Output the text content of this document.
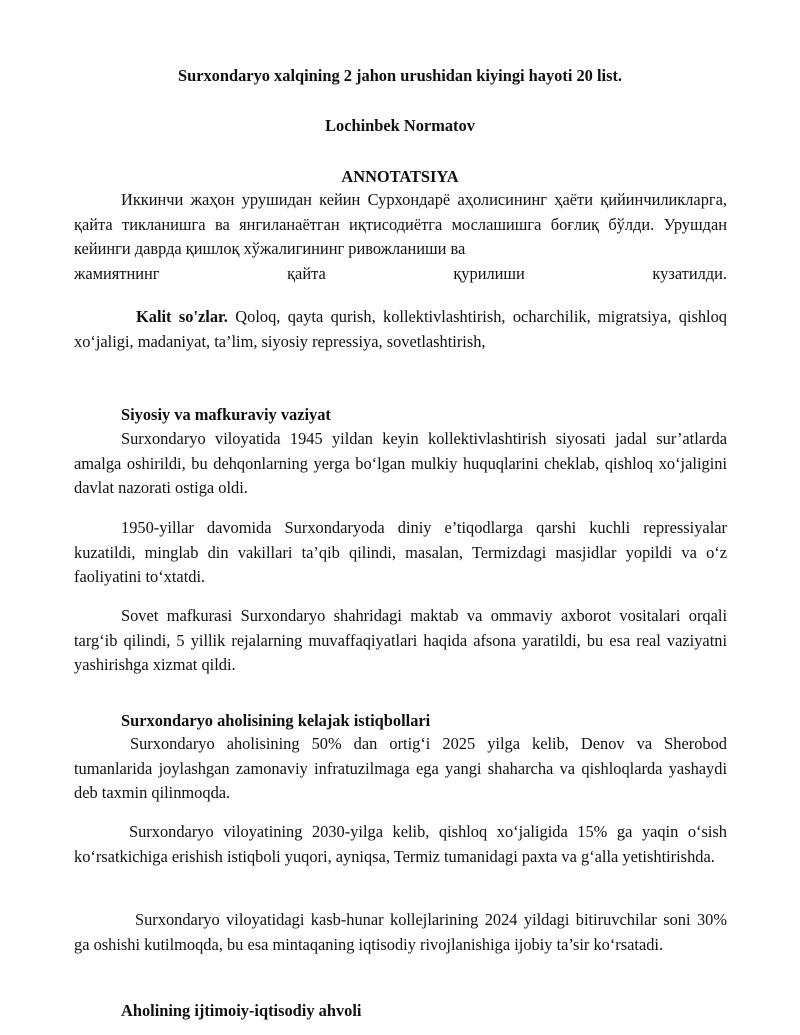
Surxondaryo xalqining 2 jahon urushidan kiyingi hayoti 20 list.
Lochinbek Normatov
ANNOTATSIYA
Иккинчи жаҳон урушидан кейин Сурхондарё аҳолисининг ҳаёти қийинчиликларга, қайта тикланишга ва янгиланаётган иқтисодиётга мослашишга боғлиқ бўлди. Урушдан кейинги даврда қишлоқ хўжалигининг ривожланиши ва
жамиятнинг қайта қурилиши кузатилди.
Kalit so'zlar. Qoloq, qayta qurish, kollektivlashtirish, ocharchilik, migratsiya, qishloq xo‘jaligi, madaniyat, ta’lim, siyosiy repressiya, sovetlashtirish,
Siyosiy va mafkuraviy vaziyat
Surxondaryo viloyatida 1945 yildan keyin kollektivlashtirish siyosati jadal sur’atlarda amalga oshirildi, bu dehqonlarning yerga bo‘lgan mulkiy huquqlarini cheklab, qishloq xo‘jaligini davlat nazorati ostiga oldi.
1950-yillar davomida Surxondaryoda diniy e’tiqodlarga qarshi kuchli repressiyalar kuzatildi, minglab din vakillari ta’qib qilindi, masalan, Termizdagi masjidlar yopildi va o‘z faoliyatini to‘xtatdi.
Sovet mafkurasi Surxondaryo shahridagi maktab va ommaviy axborot vositalari orqali targ‘ib qilindi, 5 yillik rejalarning muvaffaqiyatlari haqida afsona yaratildi, bu esa real vaziyatni yashirishga xizmat qildi.
Surxondaryo aholisining kelajak istiqbollari
Surxondaryo aholisining 50% dan ortig‘i 2025 yilga kelib, Denov va Sherobod tumanlarida joylashgan zamonaviy infratuzilmaga ega yangi shaharcha va qishloqlarda yashaydi deb taxmin qilinmoqda.
Surxondaryo viloyatining 2030-yilga kelib, qishloq xo‘jaligida 15% ga yaqin o‘sish ko‘rsatkichiga erishish istiqboli yuqori, ayniqsa, Termiz tumanidagi paxta va g‘alla yetishtirishda.
Surxondaryo viloyatidagi kasb-hunar kollejlarining 2024 yildagi bitiruvchilar soni 30% ga oshishi kutilmoqda, bu esa mintaqaning iqtisodiy rivojlanishiga ijobiy ta’sir ko‘rsatadi.
Aholining ijtimoiy-iqtisodiy ahvoli
